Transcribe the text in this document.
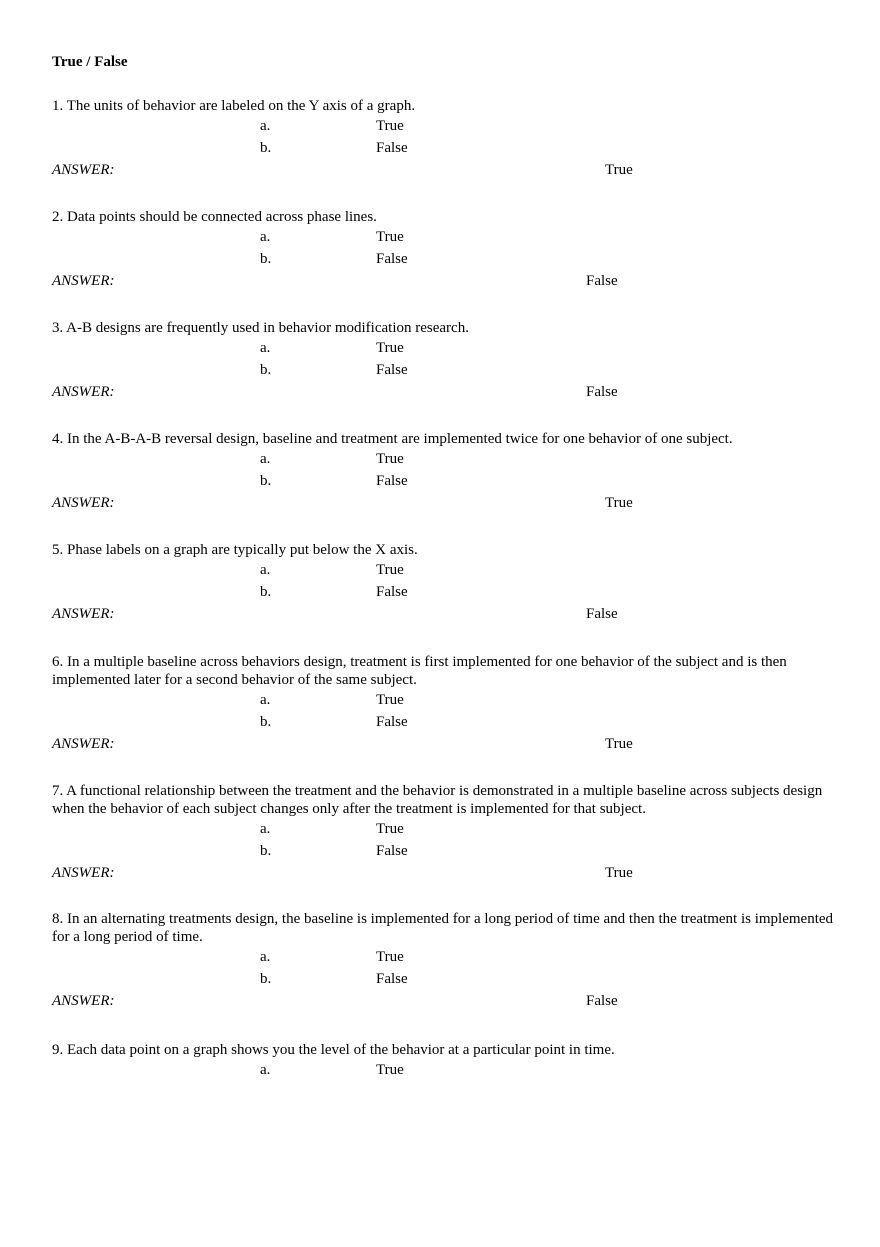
True / False

1. The units of behavior are labeled on the Y axis of a graph.

a.	True
b.	False
ANSWER:	True

2. Data points should be connected across phase lines.

a.	True
b.	False
ANSWER:	False

3. A-B designs are frequently used in behavior modification research.

a.	True
b.	False
ANSWER:	False

4. In the A-B-A-B reversal design, baseline and treatment are implemented twice for one behavior of one subject.

a.	True
b.	False
ANSWER:	True

5. Phase labels on a graph are typically put below the X axis.

a.	True
b.	False
ANSWER:	False

6. In a multiple baseline across behaviors design, treatment is first implemented for one behavior of the subject and is then implemented later for a second behavior of the same subject.

a.	True
b.	False
ANSWER:	True

7. A functional relationship between the treatment and the behavior is demonstrated in a multiple baseline across subjects design when the behavior of each subject changes only after the treatment is implemented for that subject.

a.	True
b.	False
ANSWER:	True

8. In an alternating treatments design, the baseline is implemented for a long period of time and then the treatment is implemented for a long period of time.

a.	True
b.	False
ANSWER:	False

9. Each data point on a graph shows you the level of the behavior at a particular point in time.

a.	True
